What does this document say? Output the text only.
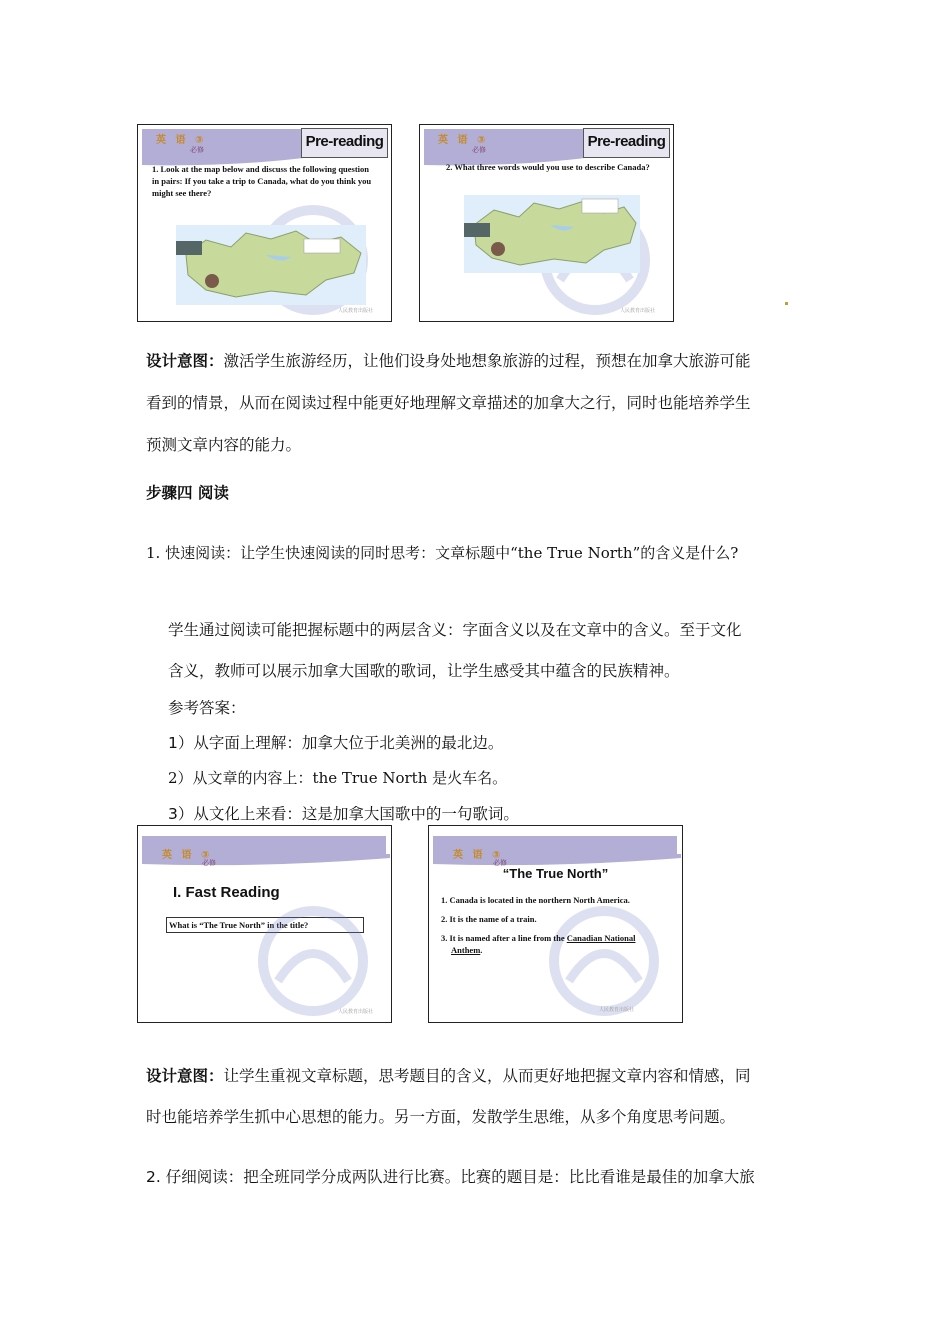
英 语 ③
必修	Pre-reading
1. Look at the map below and discuss the following question in pairs: If you take a trip to Canada, what do you think you might see there?
人民教育出版社
英 语 ③
必修	Pre-reading
2. What three words would you use to describe Canada?
人民教育出版社
设计意图：激活学生旅游经历，让他们设身处地想象旅游的过程，预想在加拿大旅游可能
看到的情景，从而在阅读过程中能更好地理解文章描述的加拿大之行，同时也能培养学生
预测文章内容的能力。
步骤四 阅读
1. 快速阅读：让学生快速阅读的同时思考：文章标题中“the True North”的含义是什么?
学生通过阅读可能把握标题中的两层含义：字面含义以及在文章中的含义。至于文化
含义，教师可以展示加拿大国歌的歌词，让学生感受其中蕴含的民族精神。
参考答案：
1）从字面上理解：加拿大位于北美洲的最北边。
2）从文章的内容上：the True North 是火车名。
3）从文化上来看：这是加拿大国歌中的一句歌词。
英 语 ③
必修
I. Fast Reading
What is “The True North” in the title?
人民教育出版社
英 语 ③
必修
“The True North”
1. Canada is located in the northern North America.
2. It is the name of a train.
3. It is named after a line from the Canadian National Anthem.
人民教育出版社
设计意图：让学生重视文章标题，思考题目的含义，从而更好地把握文章内容和情感，同
时也能培养学生抓中心思想的能力。另一方面，发散学生思维，从多个角度思考问题。
2. 仔细阅读：把全班同学分成两队进行比赛。比赛的题目是：比比看谁是最佳的加拿大旅
